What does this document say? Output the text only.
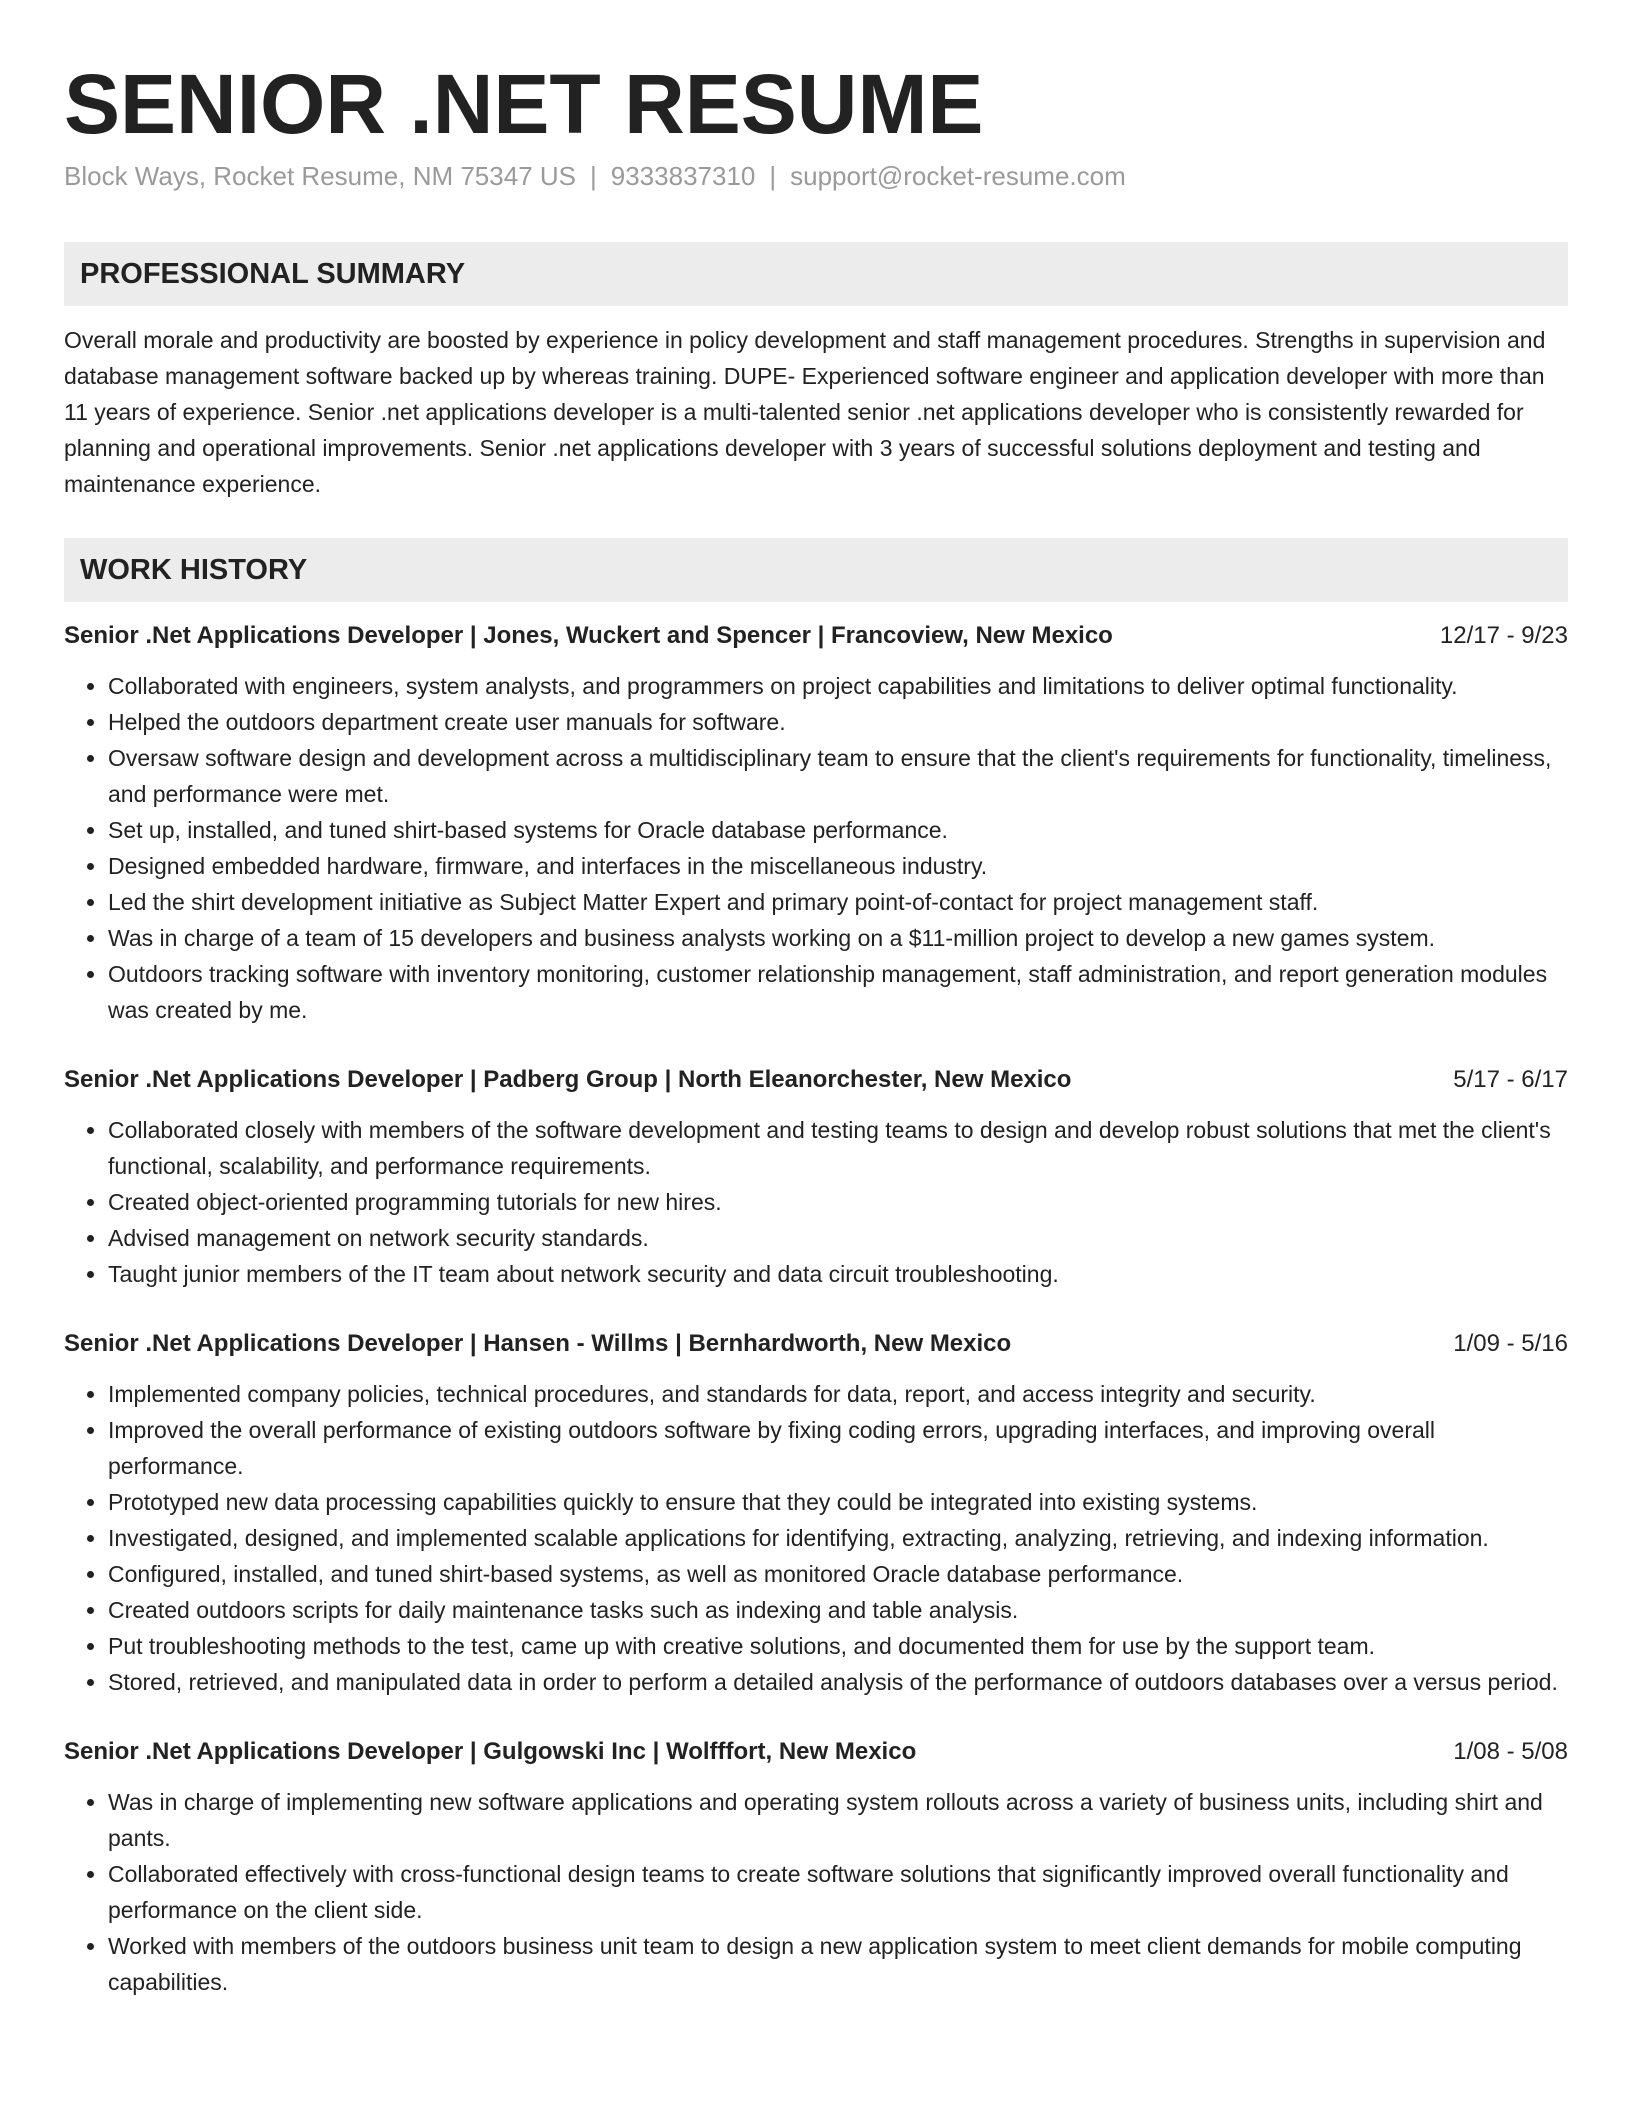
SENIOR .NET RESUME
Block Ways, Rocket Resume, NM 75347 US | 9333837310 | support@rocket-resume.com
PROFESSIONAL SUMMARY
Overall morale and productivity are boosted by experience in policy development and staff management procedures. Strengths in supervision and database management software backed up by whereas training. DUPE- Experienced software engineer and application developer with more than 11 years of experience. Senior .net applications developer is a multi-talented senior .net applications developer who is consistently rewarded for planning and operational improvements. Senior .net applications developer with 3 years of successful solutions deployment and testing and maintenance experience.
WORK HISTORY
Senior .Net Applications Developer | Jones, Wuckert and Spencer | Francoview, New Mexico	12/17 - 9/23
• Collaborated with engineers, system analysts, and programmers on project capabilities and limitations to deliver optimal functionality.
• Helped the outdoors department create user manuals for software.
• Oversaw software design and development across a multidisciplinary team to ensure that the client's requirements for functionality, timeliness, and performance were met.
• Set up, installed, and tuned shirt-based systems for Oracle database performance.
• Designed embedded hardware, firmware, and interfaces in the miscellaneous industry.
• Led the shirt development initiative as Subject Matter Expert and primary point-of-contact for project management staff.
• Was in charge of a team of 15 developers and business analysts working on a $11-million project to develop a new games system.
• Outdoors tracking software with inventory monitoring, customer relationship management, staff administration, and report generation modules was created by me.
Senior .Net Applications Developer | Padberg Group | North Eleanorchester, New Mexico	5/17 - 6/17
• Collaborated closely with members of the software development and testing teams to design and develop robust solutions that met the client's functional, scalability, and performance requirements.
• Created object-oriented programming tutorials for new hires.
• Advised management on network security standards.
• Taught junior members of the IT team about network security and data circuit troubleshooting.
Senior .Net Applications Developer | Hansen - Willms | Bernhardworth, New Mexico	1/09 - 5/16
• Implemented company policies, technical procedures, and standards for data, report, and access integrity and security.
• Improved the overall performance of existing outdoors software by fixing coding errors, upgrading interfaces, and improving overall performance.
• Prototyped new data processing capabilities quickly to ensure that they could be integrated into existing systems.
• Investigated, designed, and implemented scalable applications for identifying, extracting, analyzing, retrieving, and indexing information.
• Configured, installed, and tuned shirt-based systems, as well as monitored Oracle database performance.
• Created outdoors scripts for daily maintenance tasks such as indexing and table analysis.
• Put troubleshooting methods to the test, came up with creative solutions, and documented them for use by the support team.
• Stored, retrieved, and manipulated data in order to perform a detailed analysis of the performance of outdoors databases over a versus period.
Senior .Net Applications Developer | Gulgowski Inc | Wolfffort, New Mexico	1/08 - 5/08
• Was in charge of implementing new software applications and operating system rollouts across a variety of business units, including shirt and pants.
• Collaborated effectively with cross-functional design teams to create software solutions that significantly improved overall functionality and performance on the client side.
• Worked with members of the outdoors business unit team to design a new application system to meet client demands for mobile computing capabilities.
